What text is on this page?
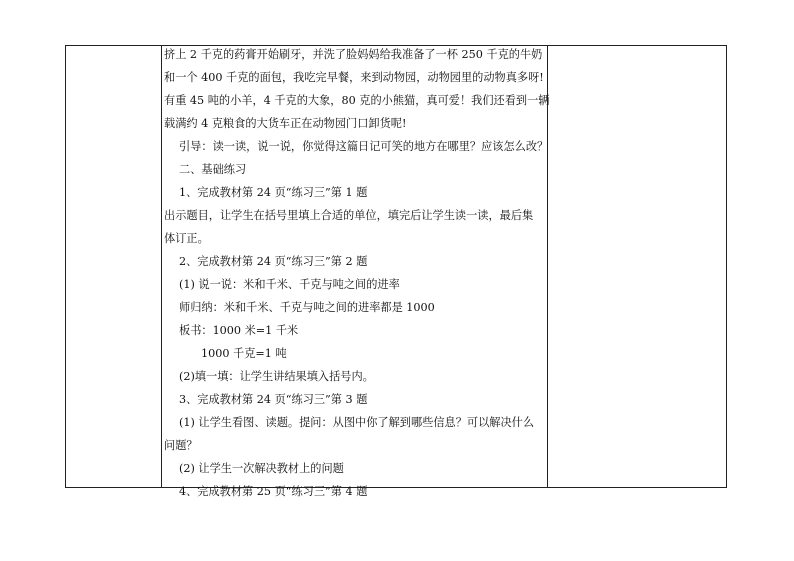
挤上 2 千克的药膏开始刷牙，并洗了脸妈妈给我准备了一杯 250 千克的牛奶
和一个 400 千克的面包，我吃完早餐，来到动物园，动物园里的动物真多呀!
有重 45 吨的小羊，4 千克的大象，80 克的小熊猫，真可爱！我们还看到一辆
载满约 4 克粮食的大货车正在动物园门口卸货呢!
引导：读一读，说一说，你觉得这篇日记可笑的地方在哪里？应该怎么改？
二、基础练习
1、完成教材第 24 页“练习三”第 1 题
出示题目，让学生在括号里填上合适的单位，填完后让学生读一读，最后集
体订正。
2、完成教材第 24 页“练习三”第 2 题
(1) 说一说：米和千米、千克与吨之间的进率
师归纳：米和千米、千克与吨之间的进率都是 1000
板书：1000 米=1 千米
1000 千克=1 吨
(2)填一填：让学生讲结果填入括号内。
3、完成教材第 24 页“练习三”第 3 题
(1) 让学生看图、读题。提问：从图中你了解到哪些信息？可以解决什么
问题？
(2) 让学生一次解决教材上的问题
4、完成教材第 25 页“练习三”第 4 题
